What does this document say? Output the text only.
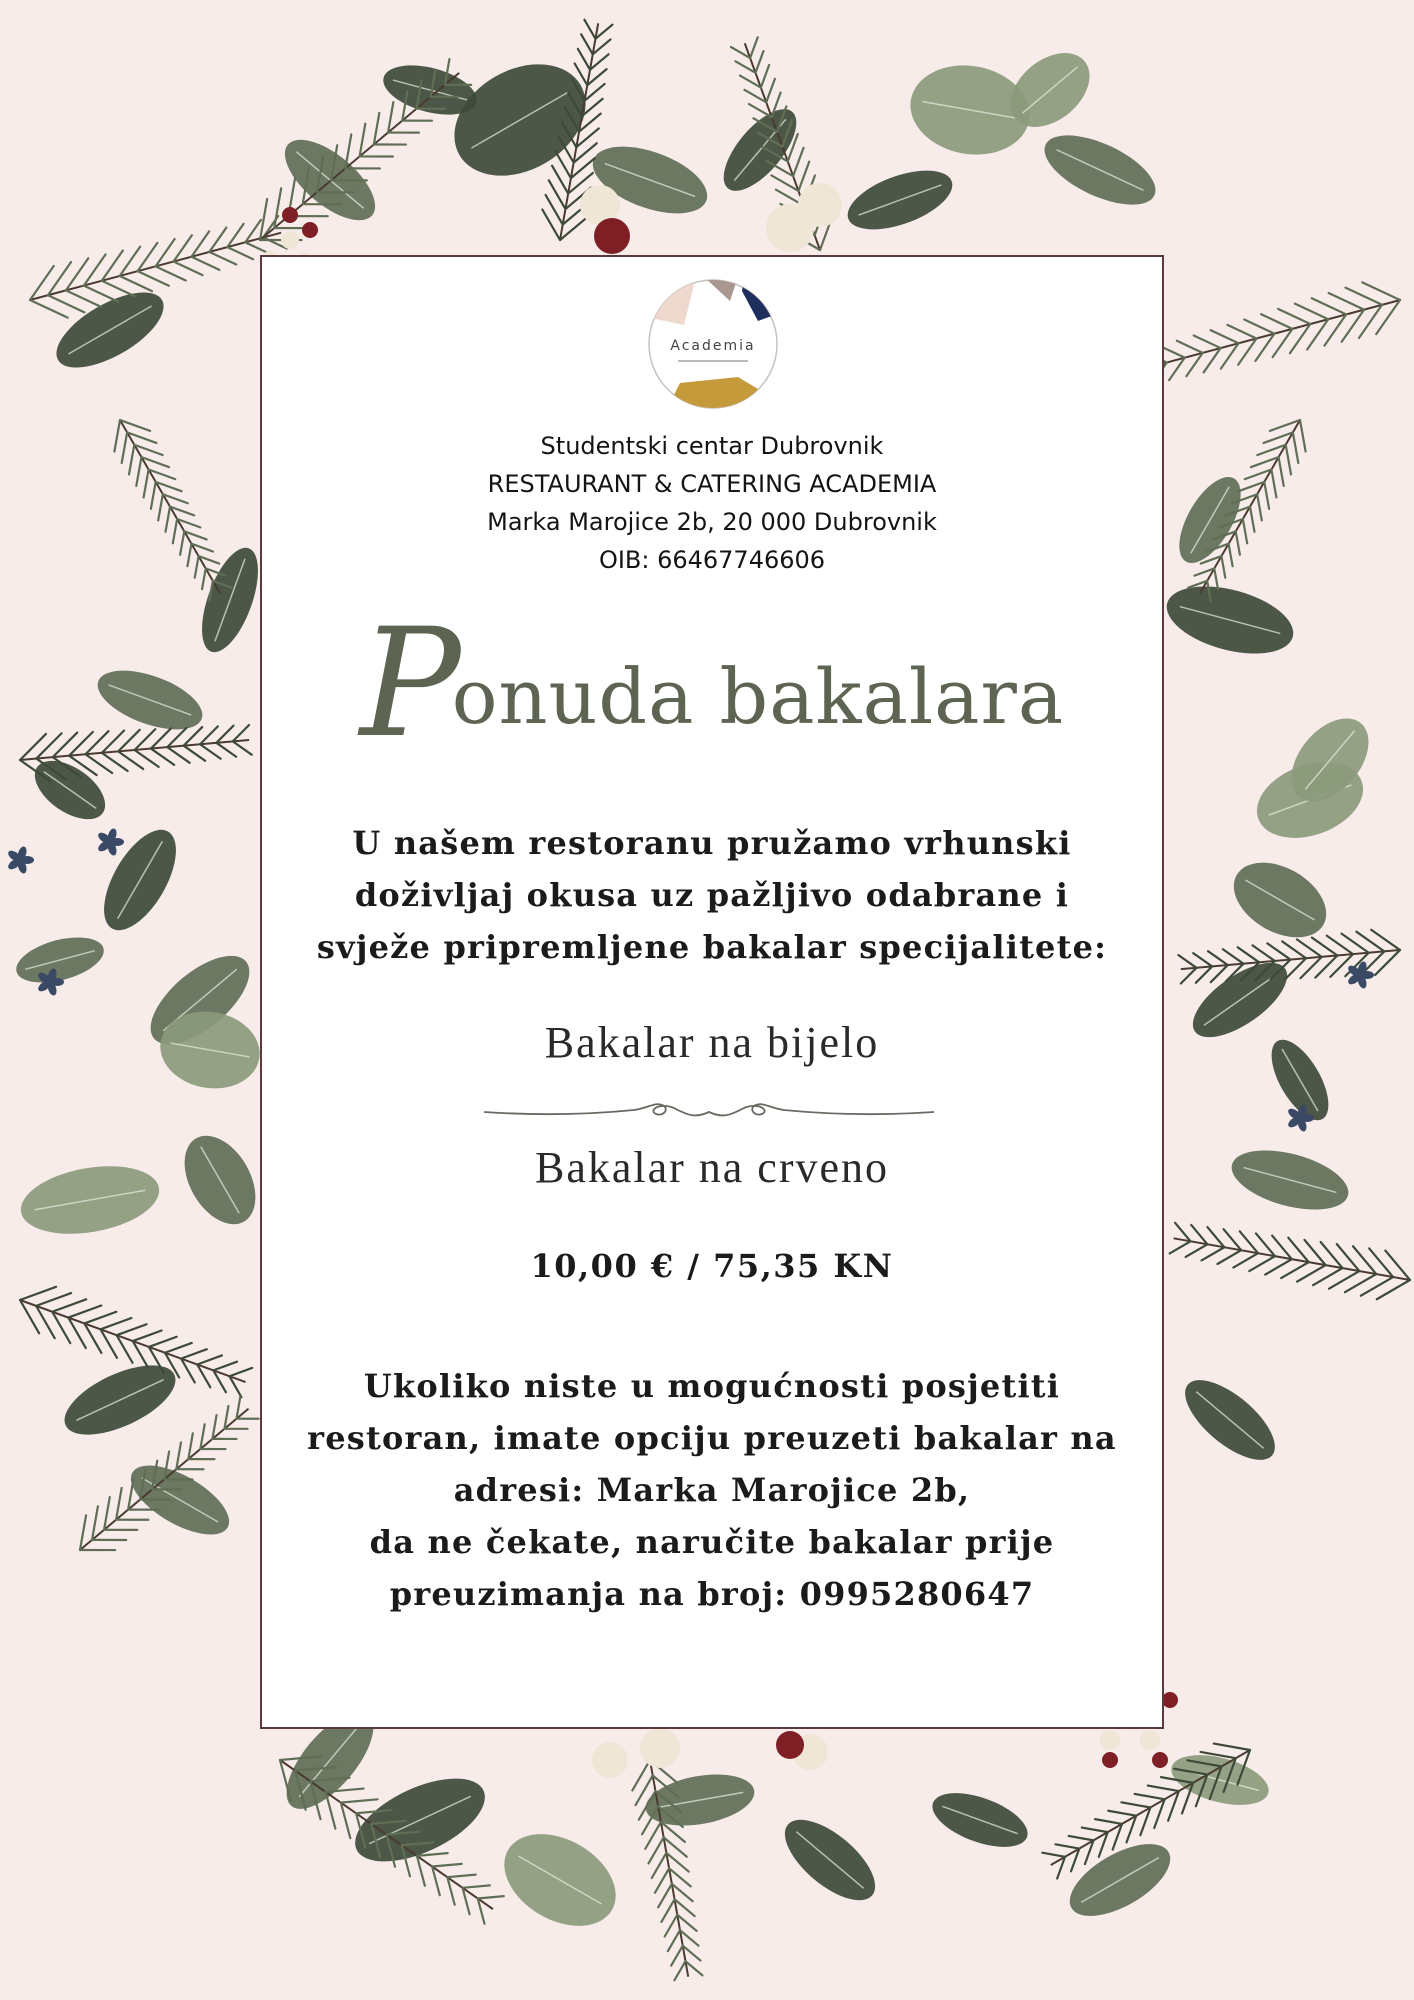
Academia
Studentski centar Dubrovnik
RESTAURANT & CATERING ACADEMIA
Marka Marojice 2b, 20 000 Dubrovnik
OIB: 66467746606
Ponuda bakalara
U našem restoranu pružamo vrhunski
doživljaj okusa uz pažljivo odabrane i
svježe pripremljene bakalar specijalitete:
Bakalar na bijelo
Bakalar na crveno
10,00 € / 75,35 KN
Ukoliko niste u mogućnosti posjetiti
restoran, imate opciju preuzeti bakalar na
adresi: Marka Marojice 2b,
da ne čekate, naručite bakalar prije
preuzimanja na broj: 0995280647
